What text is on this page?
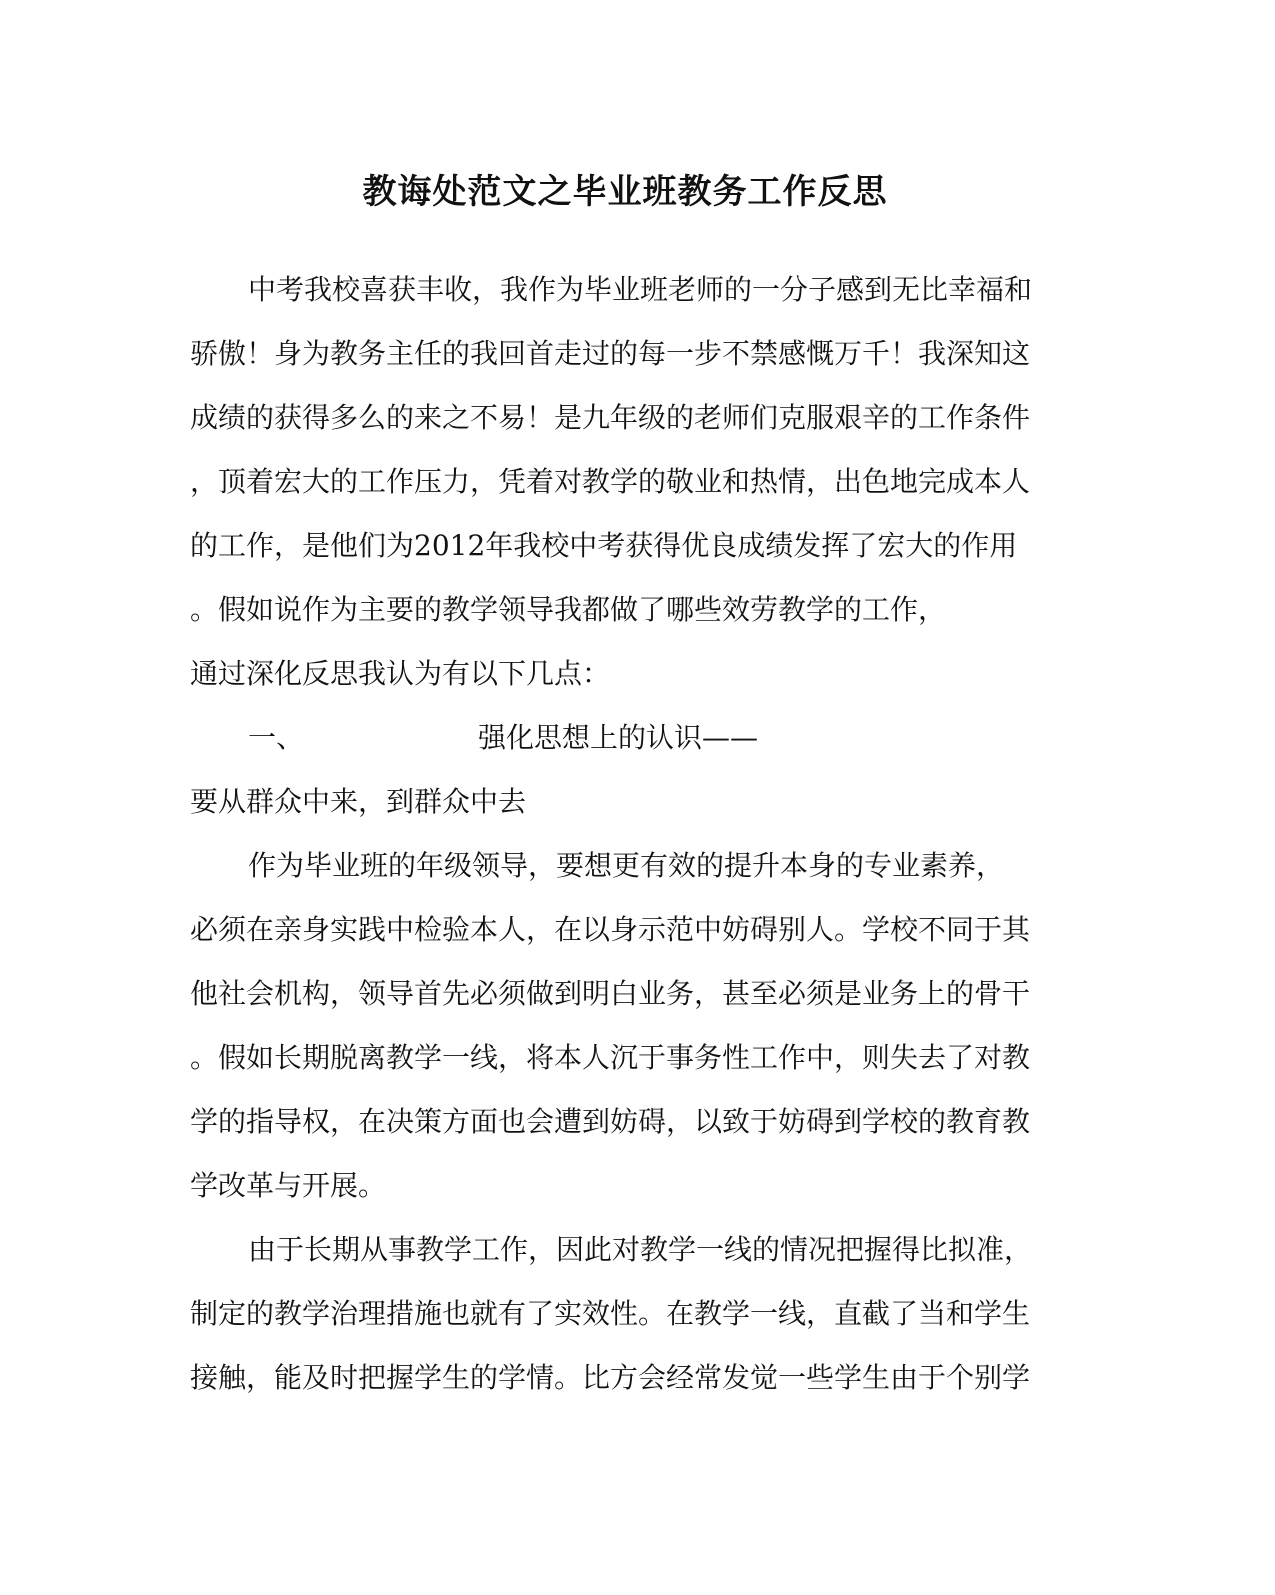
教诲处范文之毕业班教务工作反思
中考我校喜获丰收，我作为毕业班老师的一分子感到无比幸福和
骄傲！身为教务主任的我回首走过的每一步不禁感慨万千！我深知这
成绩的获得多么的来之不易！是九年级的老师们克服艰辛的工作条件
，顶着宏大的工作压力，凭着对教学的敬业和热情，出色地完成本人
的工作，是他们为2012年我校中考获得优良成绩发挥了宏大的作用
。假如说作为主要的教学领导我都做了哪些效劳教学的工作，
通过深化反思我认为有以下几点：
一、	强化思想上的认识——
要从群众中来，到群众中去
作为毕业班的年级领导，要想更有效的提升本身的专业素养，
必须在亲身实践中检验本人，在以身示范中妨碍别人。学校不同于其
他社会机构，领导首先必须做到明白业务，甚至必须是业务上的骨干
。假如长期脱离教学一线，将本人沉于事务性工作中，则失去了对教
学的指导权，在决策方面也会遭到妨碍，以致于妨碍到学校的教育教
学改革与开展。
由于长期从事教学工作，因此对教学一线的情况把握得比拟准，
制定的教学治理措施也就有了实效性。在教学一线，直截了当和学生
接触，能及时把握学生的学情。比方会经常发觉一些学生由于个别学
